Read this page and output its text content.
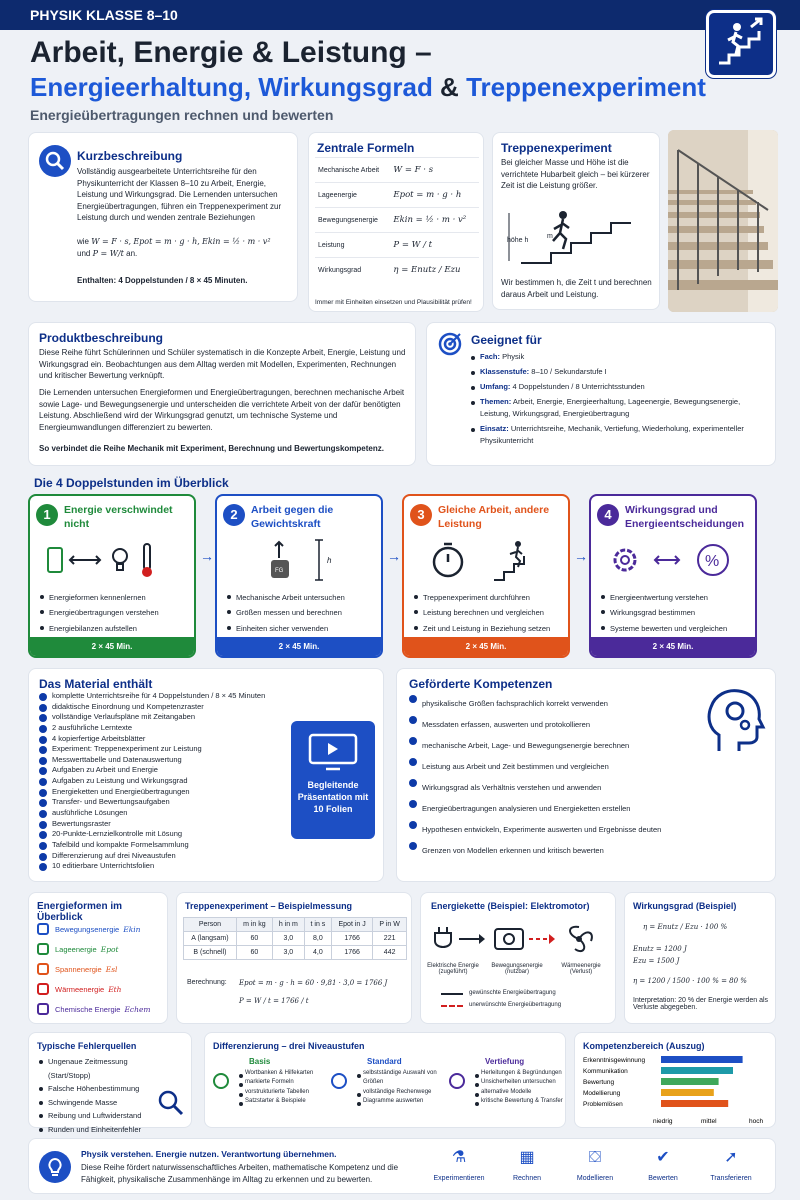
PHYSIK KLASSE 8–10
Arbeit, Energie & Leistung –
Energieerhaltung, Wirkungsgrad & Treppenexperiment
Energieübertragungen rechnen und bewerten
Kurzbeschreibung
Vollständig ausgearbeitete Unterrichtsreihe für den Physikunterricht der Klassen 8–10 zu Arbeit, Energie, Leistung und Wirkungsgrad. Die Lernenden untersuchen Energieübertragungen, führen ein Treppenexperiment zur Leistung durch und wenden zentrale Beziehungen
wie W = F · s, Epot = m · g · h, Ekin = ½ · m · v²
und P = W/t an.
Enthalten: 4 Doppelstunden / 8 × 45 Minuten.
Zentrale Formeln
Mechanische Arbeit	W = F · s
Lageenergie	Epot = m · g · h
Bewegungsenergie	Ekin = ½ · m · v²
Leistung	P = W / t
Wirkungsgrad	η = Enutz / Ezu
Immer mit Einheiten einsetzen und Plausibilität prüfen!
Treppenexperiment
Bei gleicher Masse und Höhe ist die verrichtete Hubarbeit gleich – bei kürzerer Zeit ist die Leistung größer.
höhe h
m
Wir bestimmen h, die Zeit t und berechnen daraus Arbeit und Leistung.
Produktbeschreibung
Diese Reihe führt Schülerinnen und Schüler systematisch in die Konzepte Arbeit, Energie, Leistung und Wirkungsgrad ein. Beobachtungen aus dem Alltag werden mit Modellen, Experimenten, Rechnungen und kritischer Bewertung verknüpft.
Die Lernenden untersuchen Energieformen und Energieübertragungen, berechnen mechanische Arbeit sowie Lage- und Bewegungsenergie und unterscheiden die verrichtete Arbeit von der dafür benötigten Leistung. Abschließend wird der Wirkungsgrad genutzt, um technische Systeme und Energieumwandlungen differenziert zu bewerten.
So verbindet die Reihe Mechanik mit Experiment, Berechnung und Bewertungskompetenz.
Geeignet für
Fach: Physik
Klassenstufe: 8–10 / Sekundarstufe I
Umfang: 4 Doppelstunden / 8 Unterrichtsstunden
Themen: Arbeit, Energie, Energieerhaltung, Lageenergie, Bewegungsenergie, Leistung, Wirkungsgrad, Energieübertragung
Einsatz: Unterrichtsreihe, Mechanik, Vertiefung, Wiederholung, experimenteller Physikunterricht
Die 4 Doppelstunden im Überblick
1	Energie verschwindet nicht
Energieformen kennenlernen
Energieübertragungen verstehen
Energiebilanzen aufstellen
2 × 45 Min.
→
2	Arbeit gegen die Gewichtskraft
h
FG
Mechanische Arbeit untersuchen
Größen messen und berechnen
Einheiten sicher verwenden
2 × 45 Min.
→
3	Gleiche Arbeit, andere Leistung
Treppenexperiment durchführen
Leistung berechnen und vergleichen
Zeit und Leistung in Beziehung setzen
2 × 45 Min.
→
4	Wirkungsgrad und Energieentscheidungen
%
Energieentwertung verstehen
Wirkungsgrad bestimmen
Systeme bewerten und vergleichen
2 × 45 Min.
Das Material enthält
komplette Unterrichtsreihe für 4 Doppelstunden / 8 × 45 Minuten
didaktische Einordnung und Kompetenzraster
vollständige Verlaufspläne mit Zeitangaben
2 ausführliche Lerntexte
4 kopierfertige Arbeitsblätter
Experiment: Treppenexperiment zur Leistung
Messwerttabelle und Datenauswertung
Aufgaben zu Arbeit und Energie
Aufgaben zu Leistung und Wirkungsgrad
Energieketten und Energieübertragungen
Transfer- und Bewertungsaufgaben
ausführliche Lösungen
Bewertungsraster
20-Punkte-Lernzielkontrolle mit Lösung
Tafelbild und kompakte Formelsammlung
Differenzierung auf drei Niveaustufen
10 editierbare Unterrichtsfolien
Begleitende Präsentation mit 10 Folien
Geförderte Kompetenzen
physikalische Größen fachsprachlich korrekt verwenden
Messdaten erfassen, auswerten und protokollieren
mechanische Arbeit, Lage- und Bewegungsenergie berechnen
Leistung aus Arbeit und Zeit bestimmen und vergleichen
Wirkungsgrad als Verhältnis verstehen und anwenden
Energieübertragungen analysieren und Energieketten erstellen
Hypothesen entwickeln, Experimente auswerten und Ergebnisse deuten
Grenzen von Modellen erkennen und kritisch bewerten
Energieformen im Überblick
Bewegungsenergie Ekin
Lageenergie Epot
Spannenergie Esl
Wärmeenergie Eth
Chemische Energie Echem
Treppenexperiment – Beispielmessung
Person	m in kg	h in m	t in s	Epot in J	P in W
A (langsam)	60	3,0	8,0	1766	221
B (schnell)	60	3,0	4,0	1766	442
Berechnung: Epot = m · g · h = 60 · 9,81 · 3,0 = 1766 J
P = W / t = 1766 / t
Energiekette (Beispiel: Elektromotor)
Elektrische Energie (zugeführt)
Bewegungsenergie (nutzbar)
Wärmeenergie (Verlust)
gewünschte Energieübertragung
unerwünschte Energieübertragung
Wirkungsgrad (Beispiel)
η = Enutz / Ezu · 100 %
Enutz = 1200 J
Ezu = 1500 J
η = 1200 / 1500 · 100 % = 80 %
Interpretation: 20 % der Energie werden als Verluste abgegeben.
Typische Fehlerquellen
Ungenaue Zeitmessung (Start/Stopp)
Falsche Höhenbestimmung
Schwingende Masse
Reibung und Luftwiderstand
Runden und Einheitenfehler
Differenzierung – drei Niveaustufen
Basis
Wortbanken & Hilfekarten
markierte Formeln
vorstrukturierte Tabellen
Satzstarter & Beispiele
Standard
selbstständige Auswahl von Größen
vollständige Rechenwege
Diagramme auswerten
Vertiefung
Herleitungen & Begründungen
Unsicherheiten untersuchen
alternative Modelle
kritische Bewertung & Transfer
Kompetenzbereich (Auszug)
Erkenntnisgewinnung
Kommunikation
Bewertung
Modellierung
Problemlösen
niedrig	mittel	hoch
Physik verstehen. Energie nutzen. Verantwortung übernehmen.
Diese Reihe fördert naturwissenschaftliches Arbeiten, mathematische Kompetenz und die Fähigkeit, physikalische Zusammenhänge im Alltag zu erkennen und zu bewerten.
⚗
Experimentieren
▦
Rechnen
⛋
Modellieren
✔
Bewerten
➚
Transferieren
